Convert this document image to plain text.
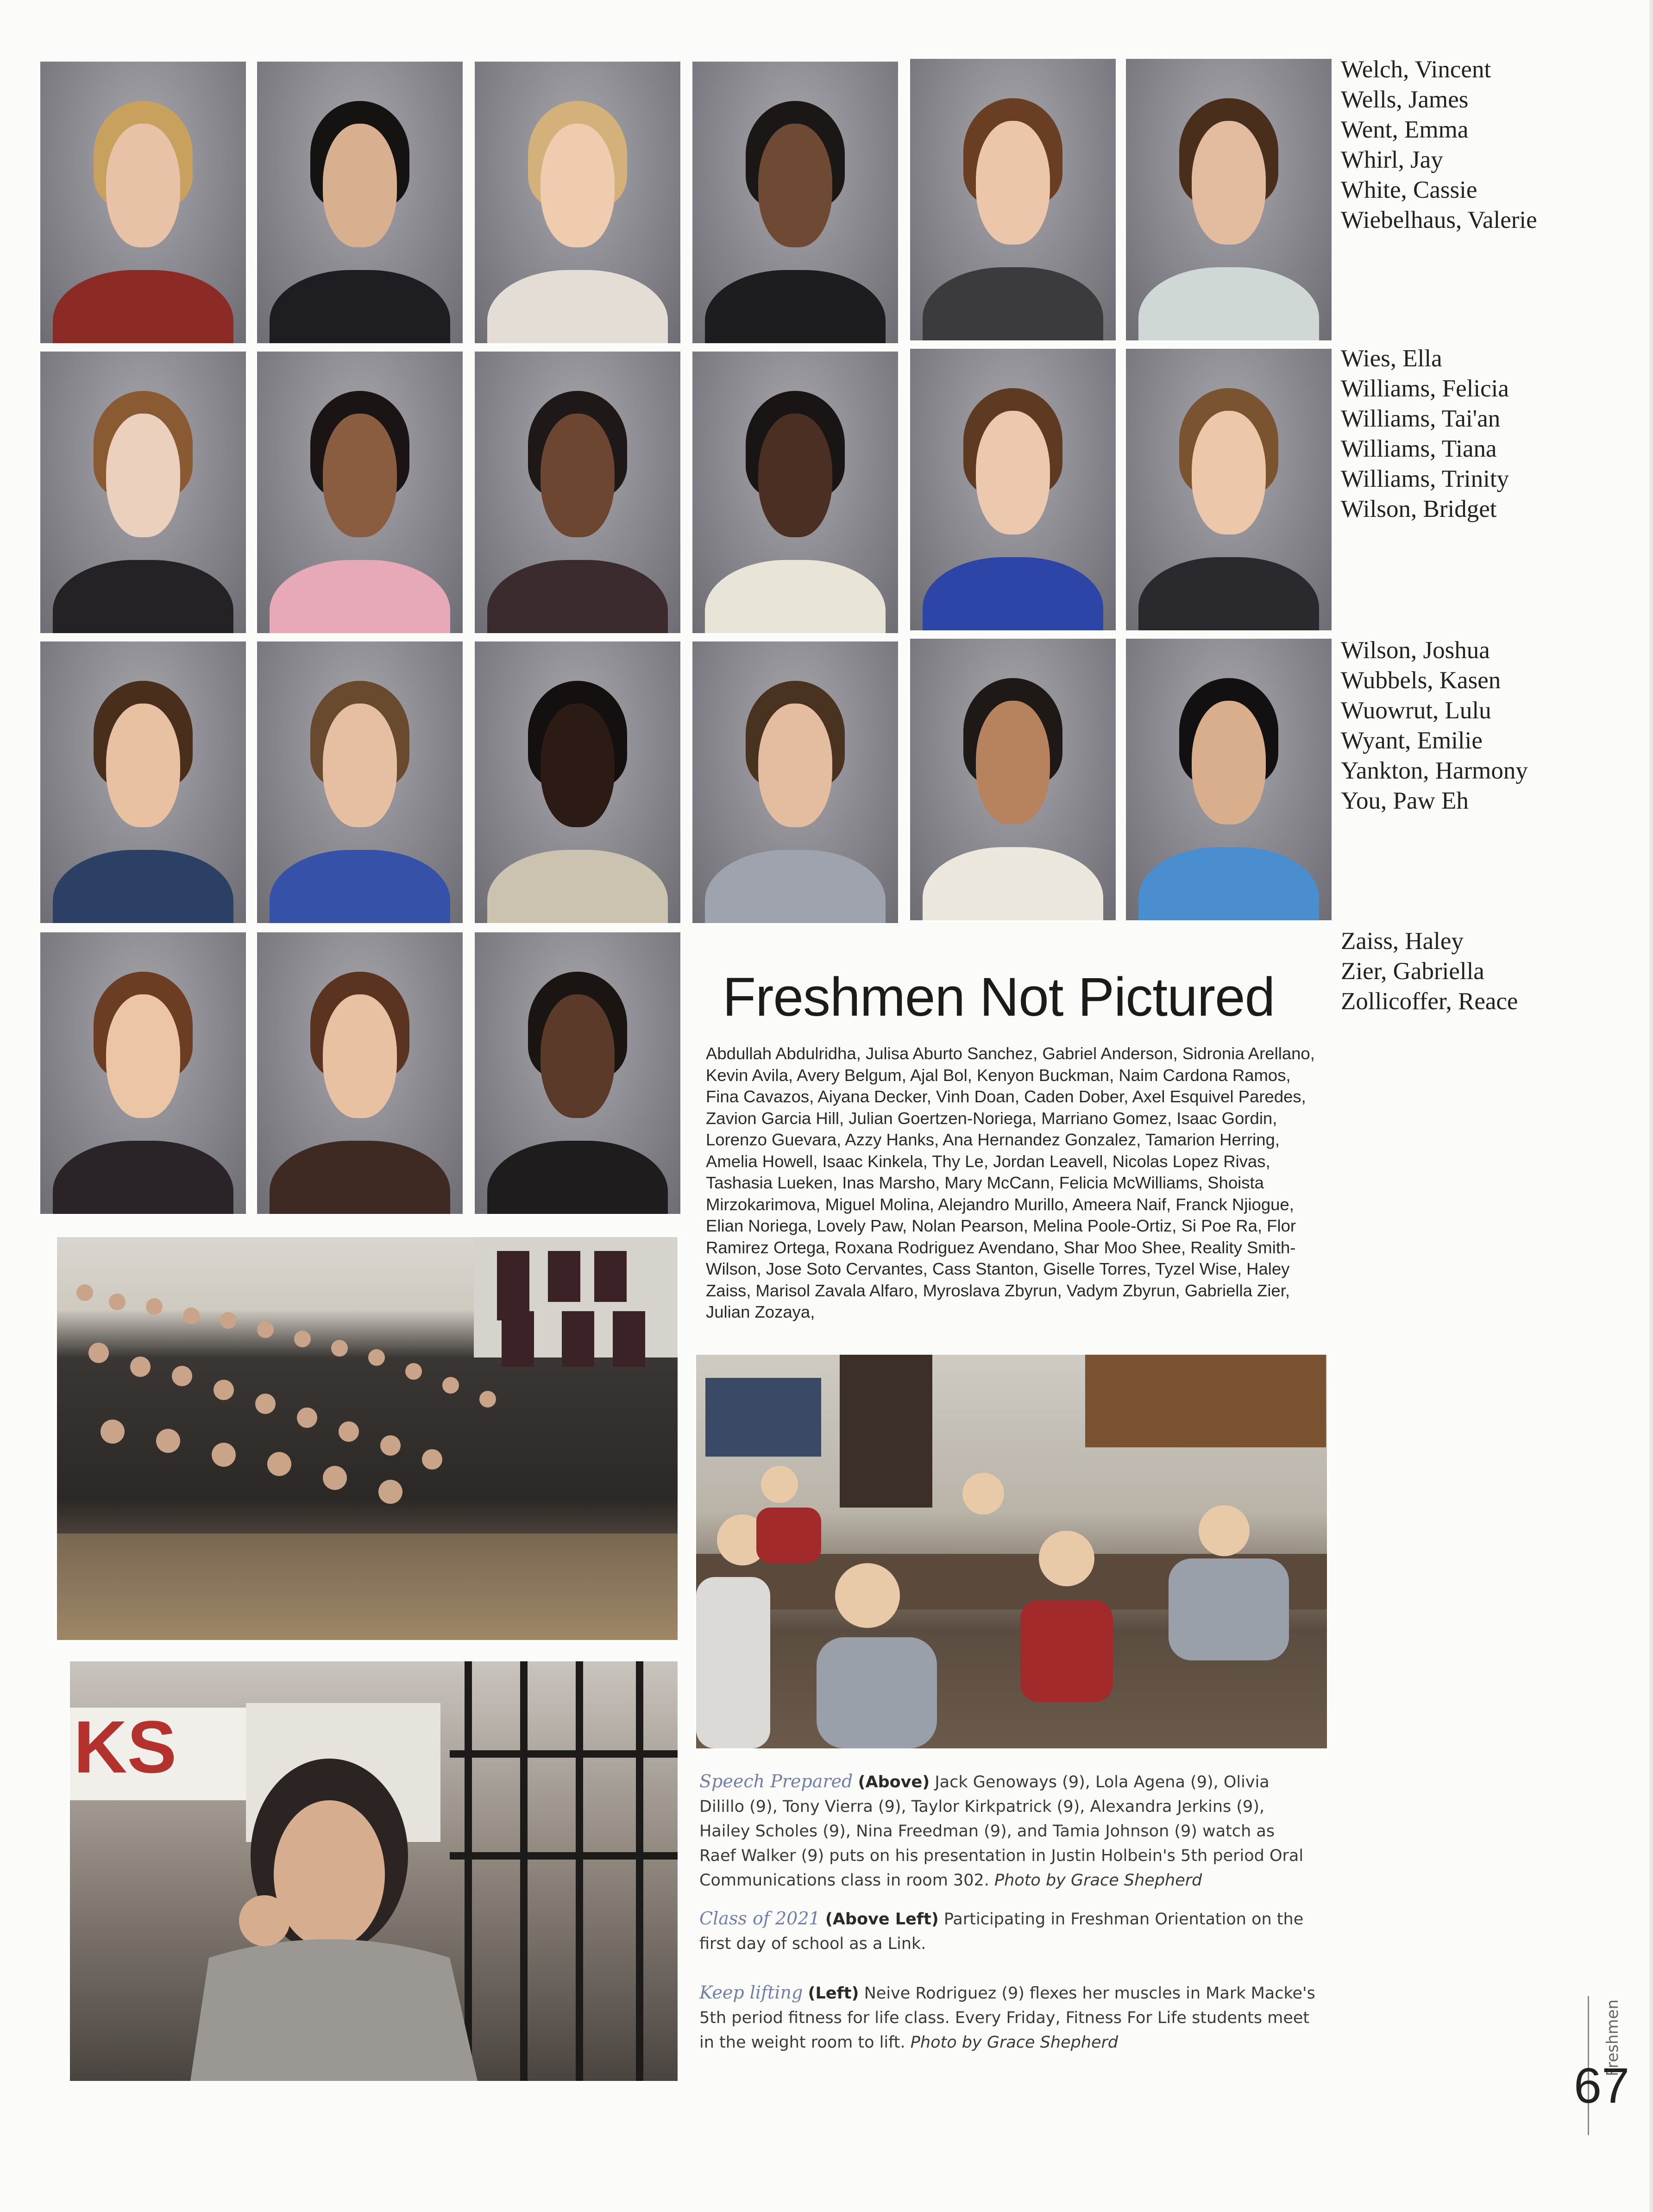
Welch, Vincent
Wells, James
Went, Emma
Whirl, Jay
White, Cassie
Wiebelhaus, Valerie
Wies, Ella
Williams, Felicia
Williams, Tai'an
Williams, Tiana
Williams, Trinity
Wilson, Bridget
Wilson, Joshua
Wubbels, Kasen
Wuowrut, Lulu
Wyant, Emilie
Yankton, Harmony
You, Paw Eh
Zaiss, Haley
Zier, Gabriella
Zollicoffer, Reace
Freshmen Not Pictured
Abdullah Abdulridha, Julisa Aburto Sanchez, Gabriel Anderson, Sidronia Arellano, Kevin Avila, Avery Belgum, Ajal Bol, Kenyon Buckman, Naim Cardona Ramos, Fina Cavazos, Aiyana Decker, Vinh Doan, Caden Dober, Axel Esquivel Paredes, Zavion Garcia Hill, Julian Goertzen-Noriega, Marriano Gomez, Isaac Gordin, Lorenzo Guevara, Azzy Hanks, Ana Hernandez Gonzalez, Tamarion Herring, Amelia Howell, Isaac Kinkela, Thy Le, Jordan Leavell, Nicolas Lopez Rivas, Tashasia Lueken, Inas Marsho, Mary McCann, Felicia McWilliams, Shoista Mirzokarimova, Miguel Molina, Alejandro Murillo, Ameera Naif, Franck Njiogue, Elian Noriega, Lovely Paw, Nolan Pearson, Melina Poole-Ortiz, Si Poe Ra, Flor Ramirez Ortega, Roxana Rodriguez Avendano, Shar Moo Shee, Reality Smith-Wilson, Jose Soto Cervantes, Cass Stanton, Giselle Torres, Tyzel Wise, Haley Zaiss, Marisol Zavala Alfaro, Myroslava Zbyrun, Vadym Zbyrun, Gabriella Zier, Julian Zozaya,
KS	Speech Prepared (Above) Jack Genoways (9), Lola Agena (9), Olivia Dilillo (9), Tony Vierra (9), Taylor Kirkpatrick (9), Alexandra Jerkins (9), Hailey Scholes (9), Nina Freedman (9), and Tamia Johnson (9) watch as Raef Walker (9) puts on his presentation in Justin Holbein's 5th period Oral Communications class in room 302. Photo by Grace Shepherd
Class of 2021 (Above Left) Participating in Freshman Orientation on the first day of school as a Link.
Keep lifting (Left) Neive Rodriguez (9) flexes her muscles in Mark Macke's 5th period fitness for life class. Every Friday, Fitness For Life students meet in the weight room to lift. Photo by Grace Shepherd	Freshmen
67
